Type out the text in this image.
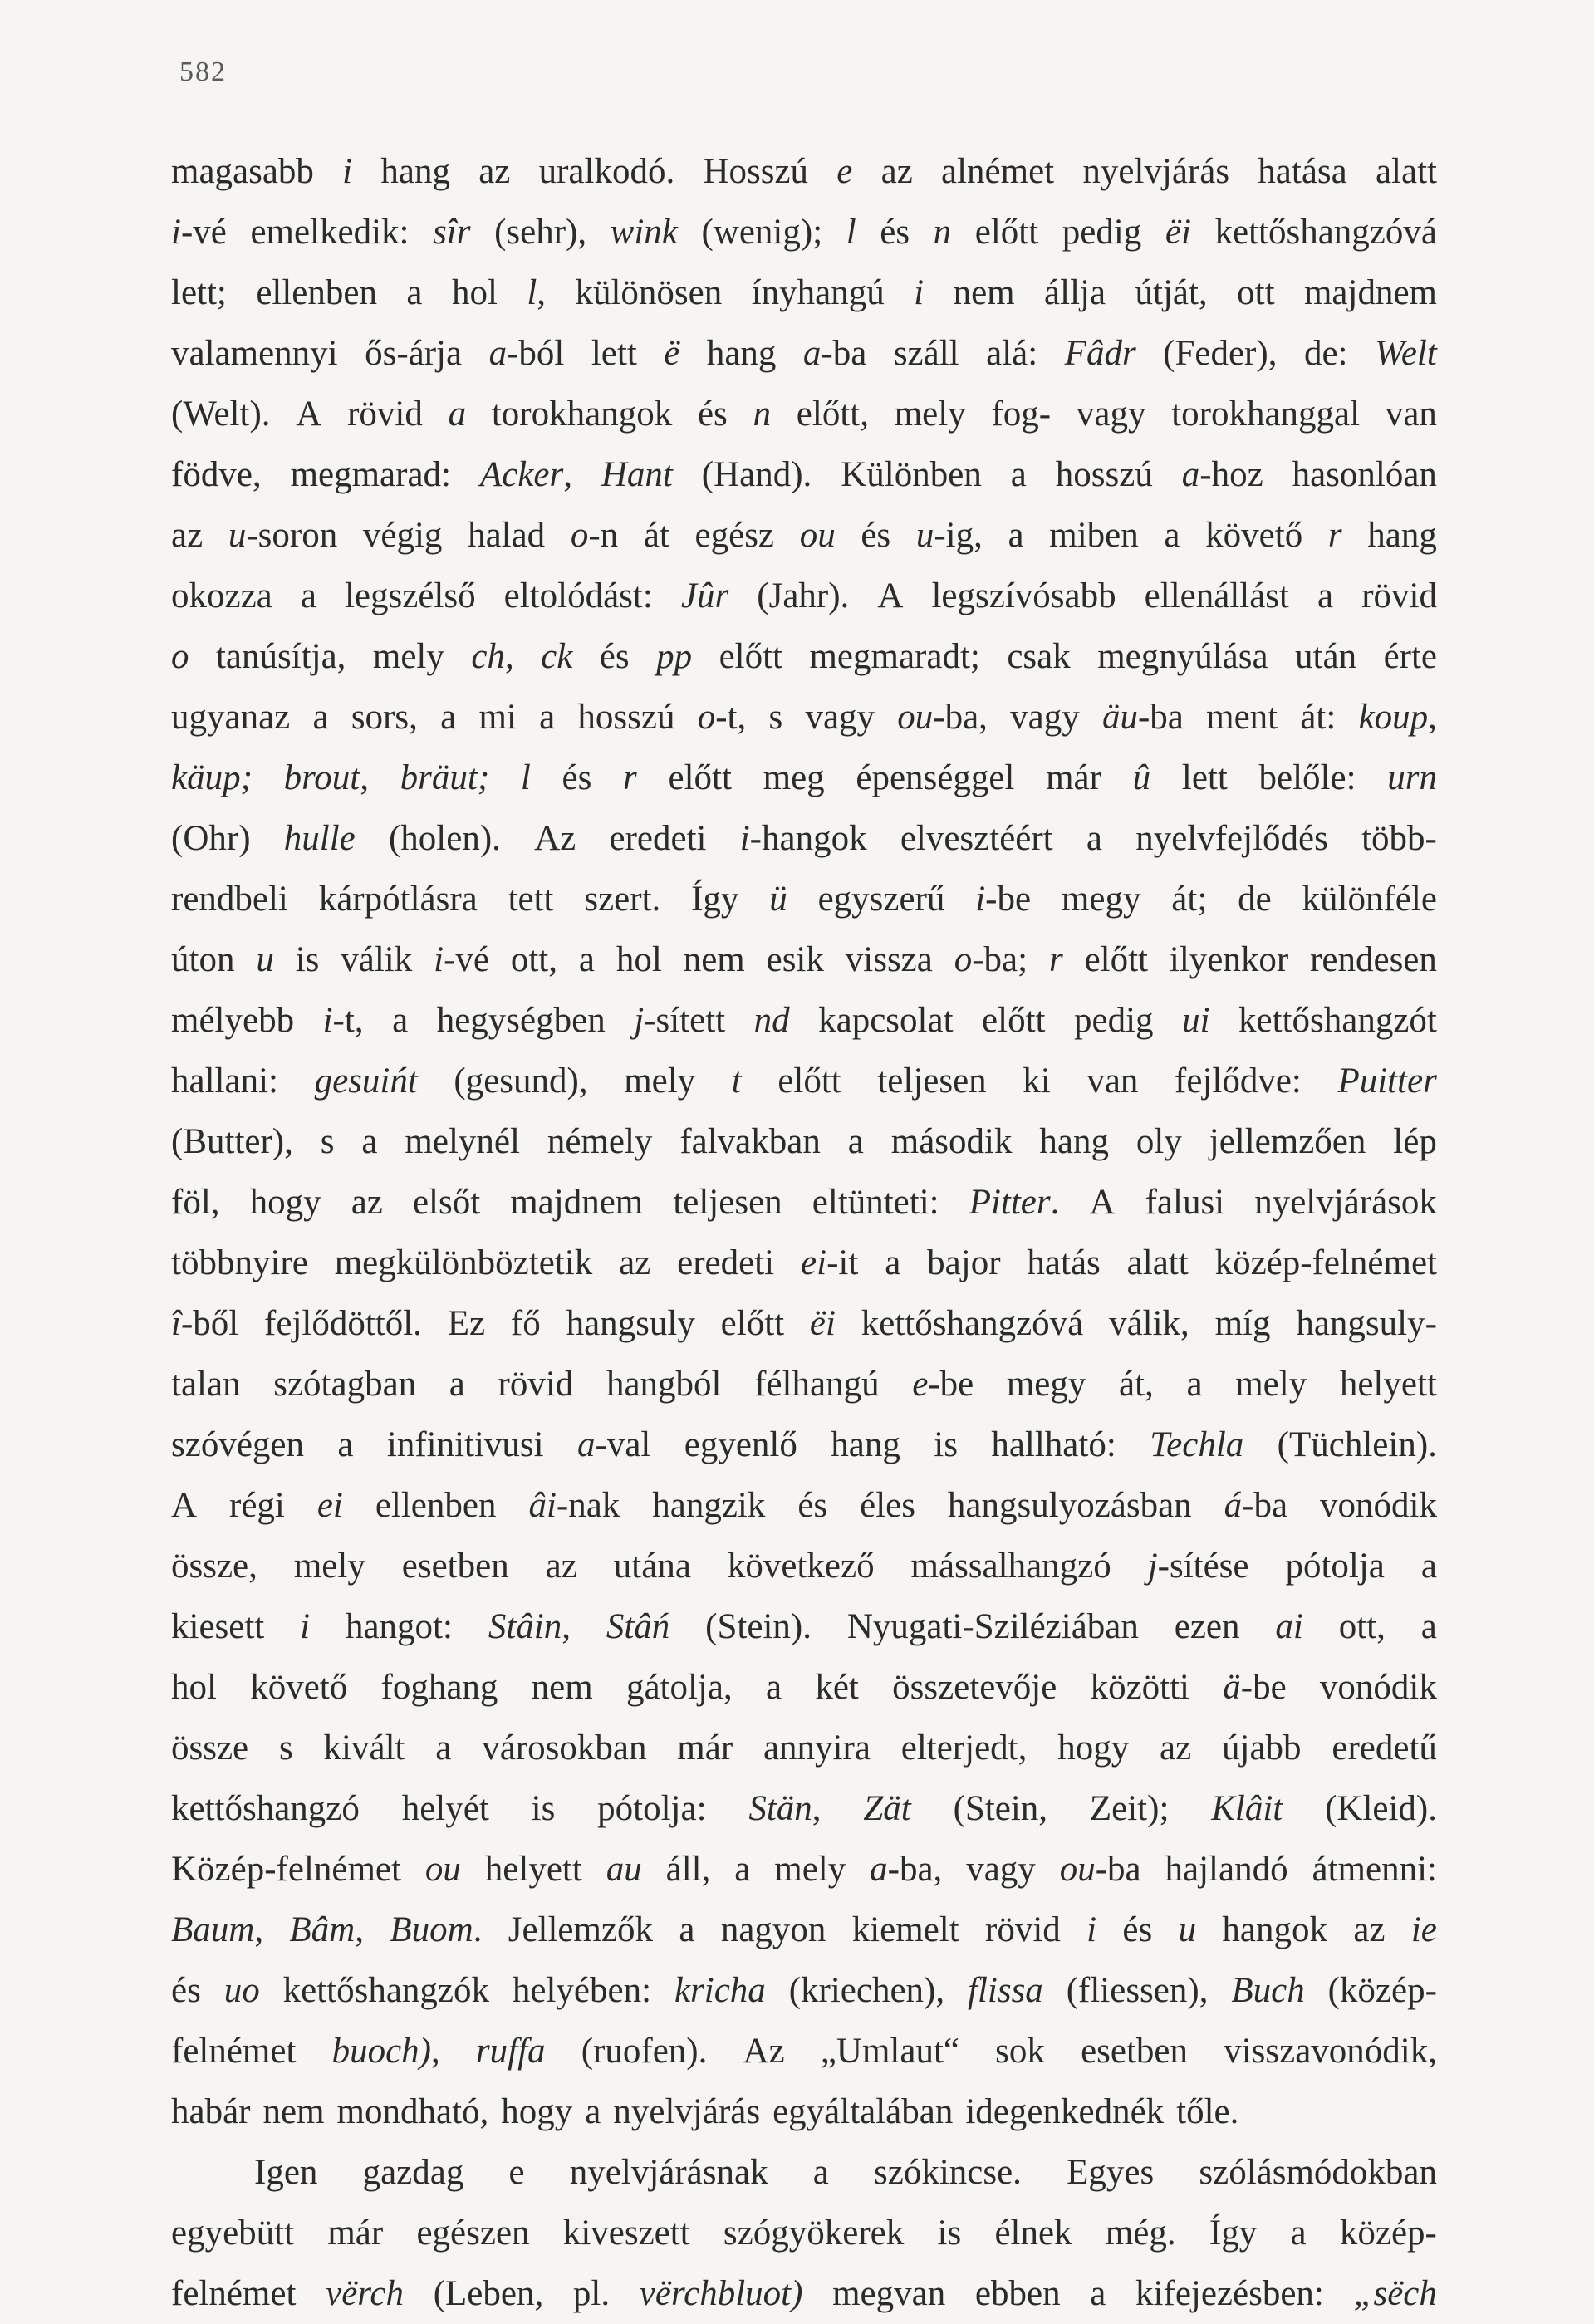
582
magasabb i hang az uralkodó. Hosszú e az alnémet nyelvjárás hatása alatt
i-vé emelkedik: sîr (sehr), wink (wenig); l és n előtt pedig ëi kettőshangzóvá
lett; ellenben a hol l, különösen ínyhangú i nem állja útját, ott majdnem
valamennyi ős-árja a-ból lett ë hang a-ba száll alá: Fâdr (Feder), de: Welt
(Welt). A rövid a torokhangok és n előtt, mely fog- vagy torokhanggal van
födve, megmarad: Acker, Hant (Hand). Különben a hosszú a-hoz hasonlóan
az u-soron végig halad o-n át egész ou és u-ig, a miben a követő r hang
okozza a legszélső eltolódást: Jûr (Jahr). A legszívósabb ellenállást a rövid
o tanúsítja, mely ch, ck és pp előtt megmaradt; csak megnyúlása után érte
ugyanaz a sors, a mi a hosszú o-t, s vagy ou-ba, vagy äu-ba ment át: koup,
käup; brout, bräut; l és r előtt meg épenséggel már û lett belőle: urn
(Ohr) hulle (holen). Az eredeti i-hangok elvesztéért a nyelvfejlődés több-
rendbeli kárpótlásra tett szert. Így ü egyszerű i-be megy át; de különféle
úton u is válik i-vé ott, a hol nem esik vissza o-ba; r előtt ilyenkor rendesen
mélyebb i-t, a hegységben j-sített nd kapcsolat előtt pedig ui kettőshangzót
hallani: gesuińt (gesund), mely t előtt teljesen ki van fejlődve: Puitter
(Butter), s a melynél némely falvakban a második hang oly jellemzően lép
föl, hogy az elsőt majdnem teljesen eltünteti: Pitter. A falusi nyelvjárások
többnyire megkülönböztetik az eredeti ei-it a bajor hatás alatt közép-felnémet
î-ből fejlődöttől. Ez fő hangsuly előtt ëi kettőshangzóvá válik, míg hangsuly-
talan szótagban a rövid hangból félhangú e-be megy át, a mely helyett
szóvégen a infinitivusi a-val egyenlő hang is hallható: Techla (Tüchlein).
A régi ei ellenben âi-nak hangzik és éles hangsulyozásban á-ba vonódik
össze, mely esetben az utána következő mássalhangzó j-sítése pótolja a
kiesett i hangot: Stâin, Stâń (Stein). Nyugati-Sziléziában ezen ai ott, a
hol követő foghang nem gátolja, a két összetevője közötti ä-be vonódik
össze s kivált a városokban már annyira elterjedt, hogy az újabb eredetű
kettőshangzó helyét is pótolja: Stän, Zät (Stein, Zeit); Klâit (Kleid).
Közép-felnémet ou helyett au áll, a mely a-ba, vagy ou-ba hajlandó átmenni:
Baum, Bâm, Buom. Jellemzők a nagyon kiemelt rövid i és u hangok az ie
és uo kettőshangzók helyében: kricha (kriechen), flissa (fliessen), Buch (közép-
felnémet buoch), ruffa (ruofen). Az „Umlaut“ sok esetben visszavonódik,
habár nem mondható, hogy a nyelvjárás egyáltalában idegenkednék tőle.
Igen gazdag e nyelvjárásnak a szókincse. Egyes szólásmódokban
egyebütt már egészen kiveszett szógyökerek is élnek még. Így a közép-
felnémet vërch (Leben, pl. vërchbluot) megvan ebben a kifejezésben: „sëch
